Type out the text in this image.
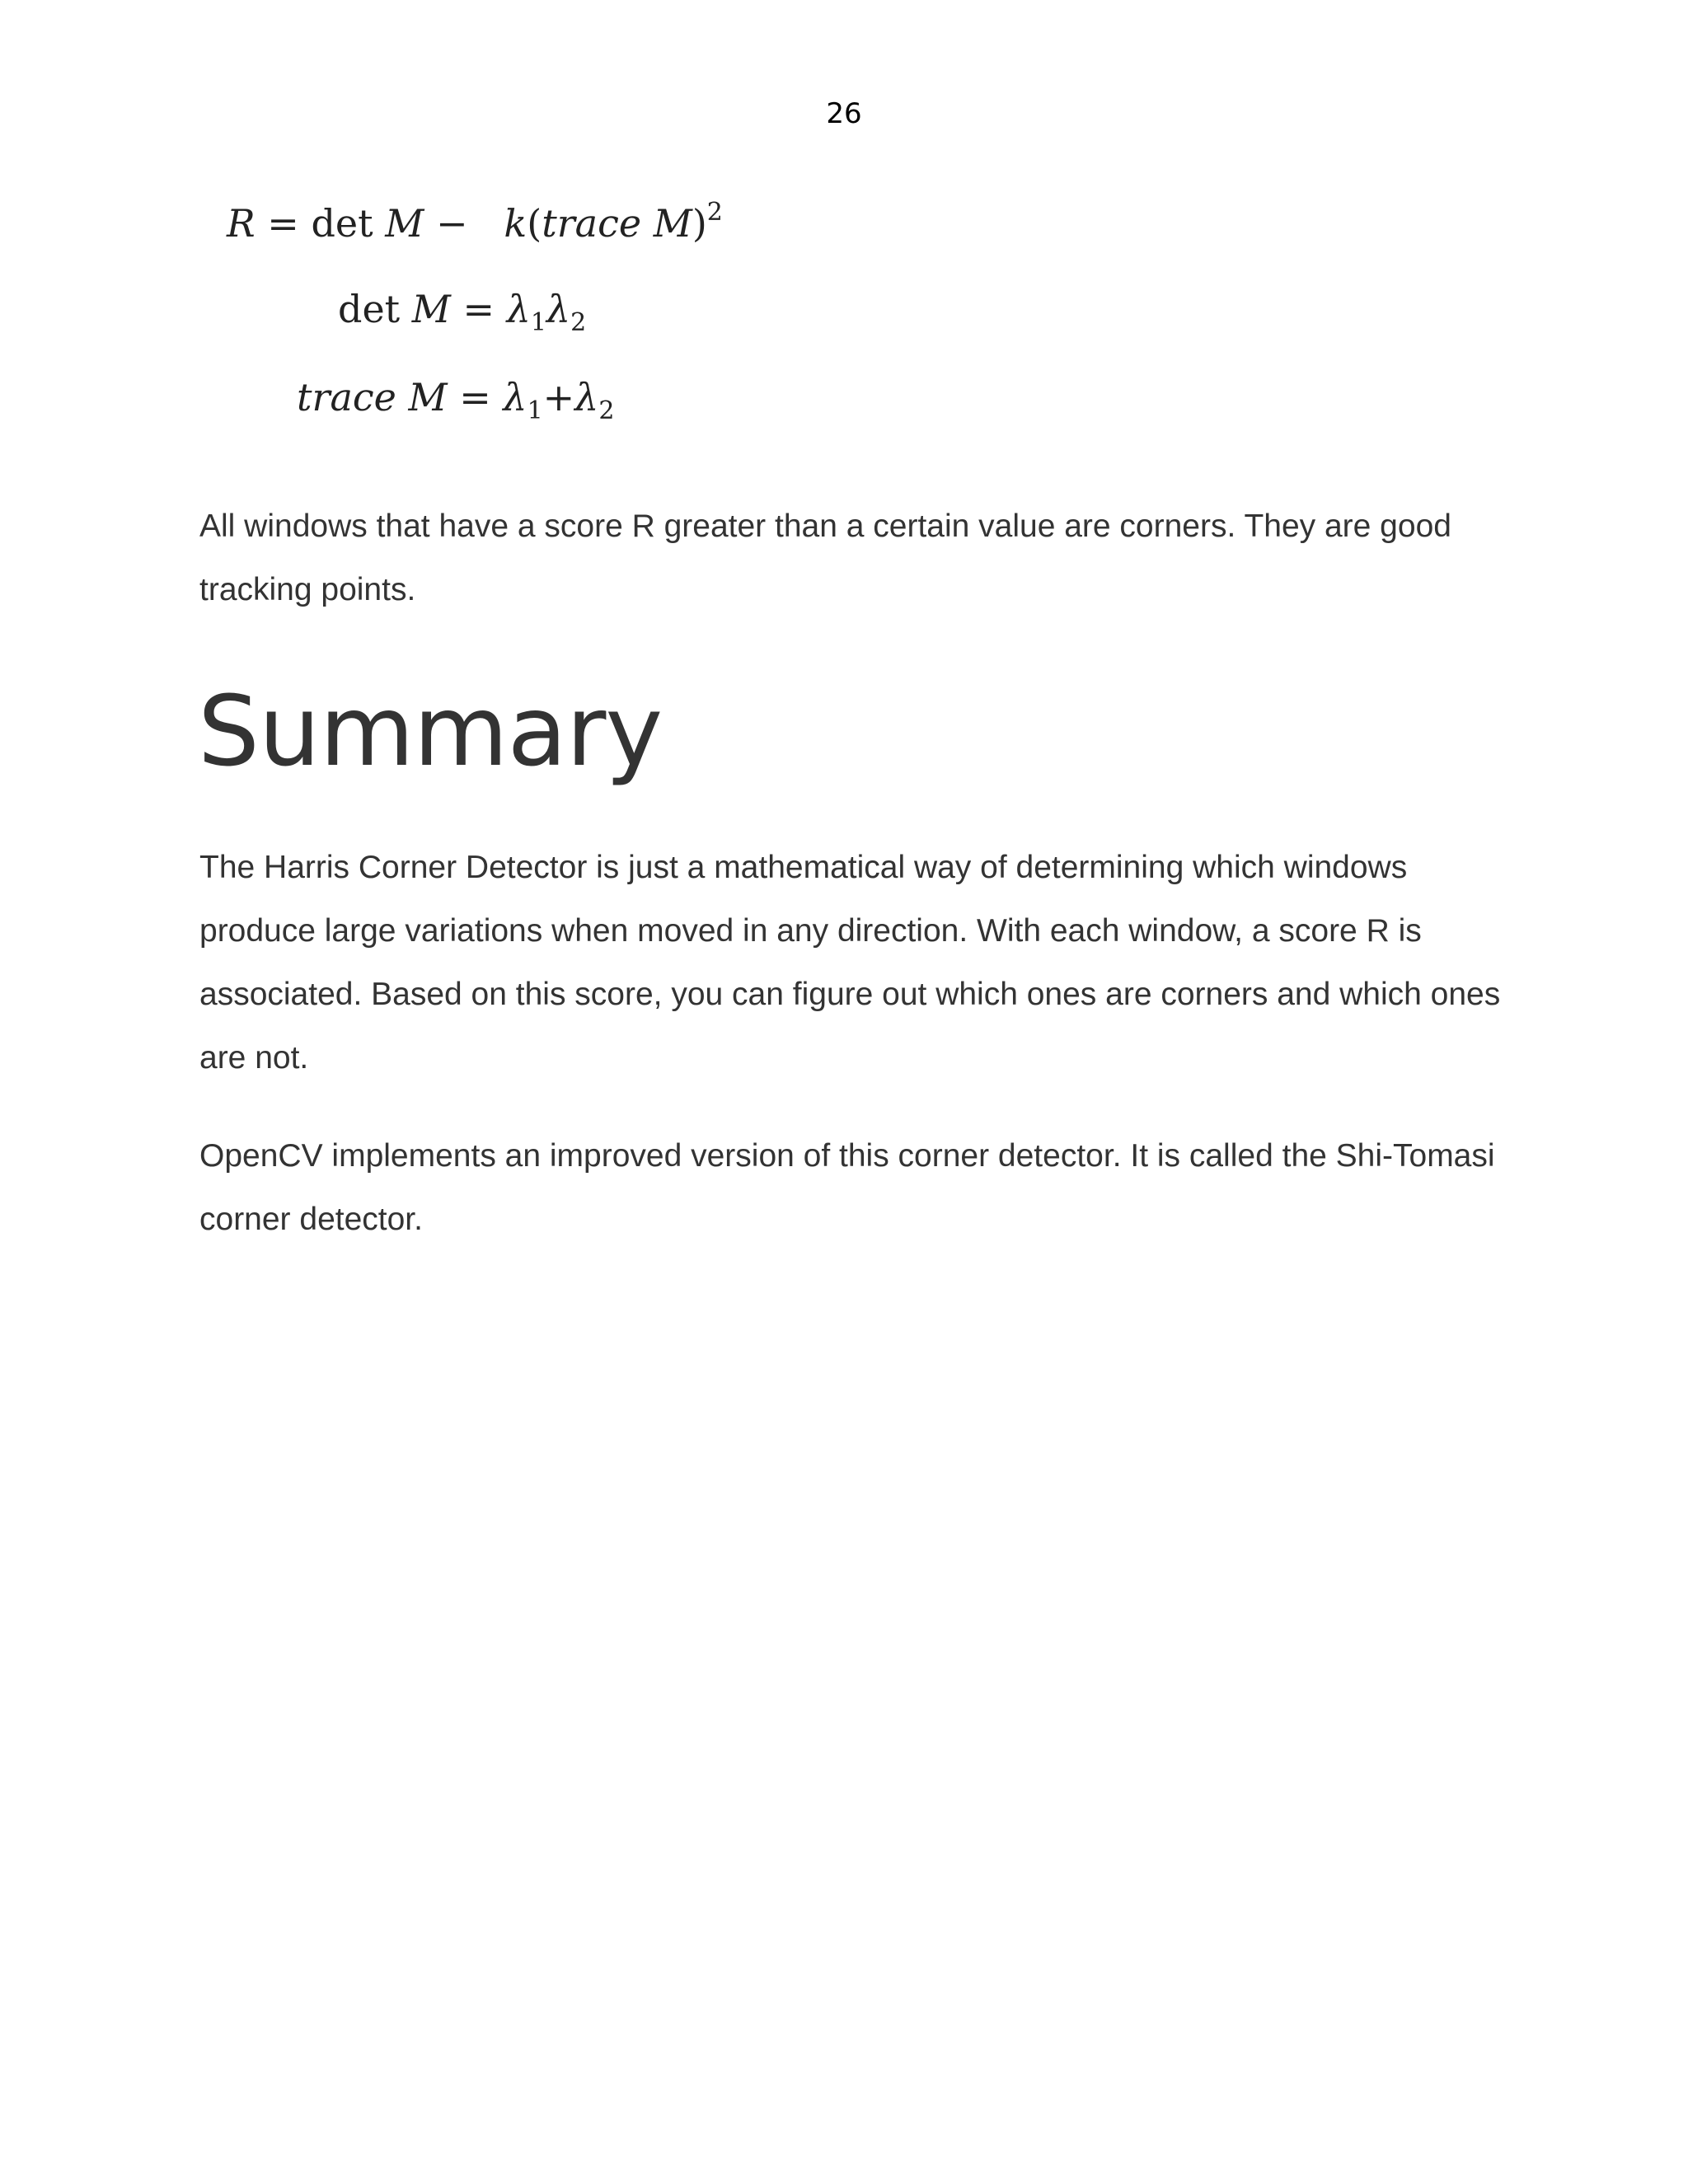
26
R = det M − k(trace M)$^2$
$\det M = \lambda_1\lambda_2$
trace $M = \lambda_1+\lambda_2$

All windows that have a score R greater than a certain value are corners. They are good tracking points.

Summary

The Harris Corner Detector is just a mathematical way of determining which windows produce large variations when moved in any direction. With each window, a score R is associated. Based on this score, you can figure out which ones are corners and which ones are not.

OpenCV implements an improved version of this corner detector. It is called the Shi-Tomasi corner detector.
